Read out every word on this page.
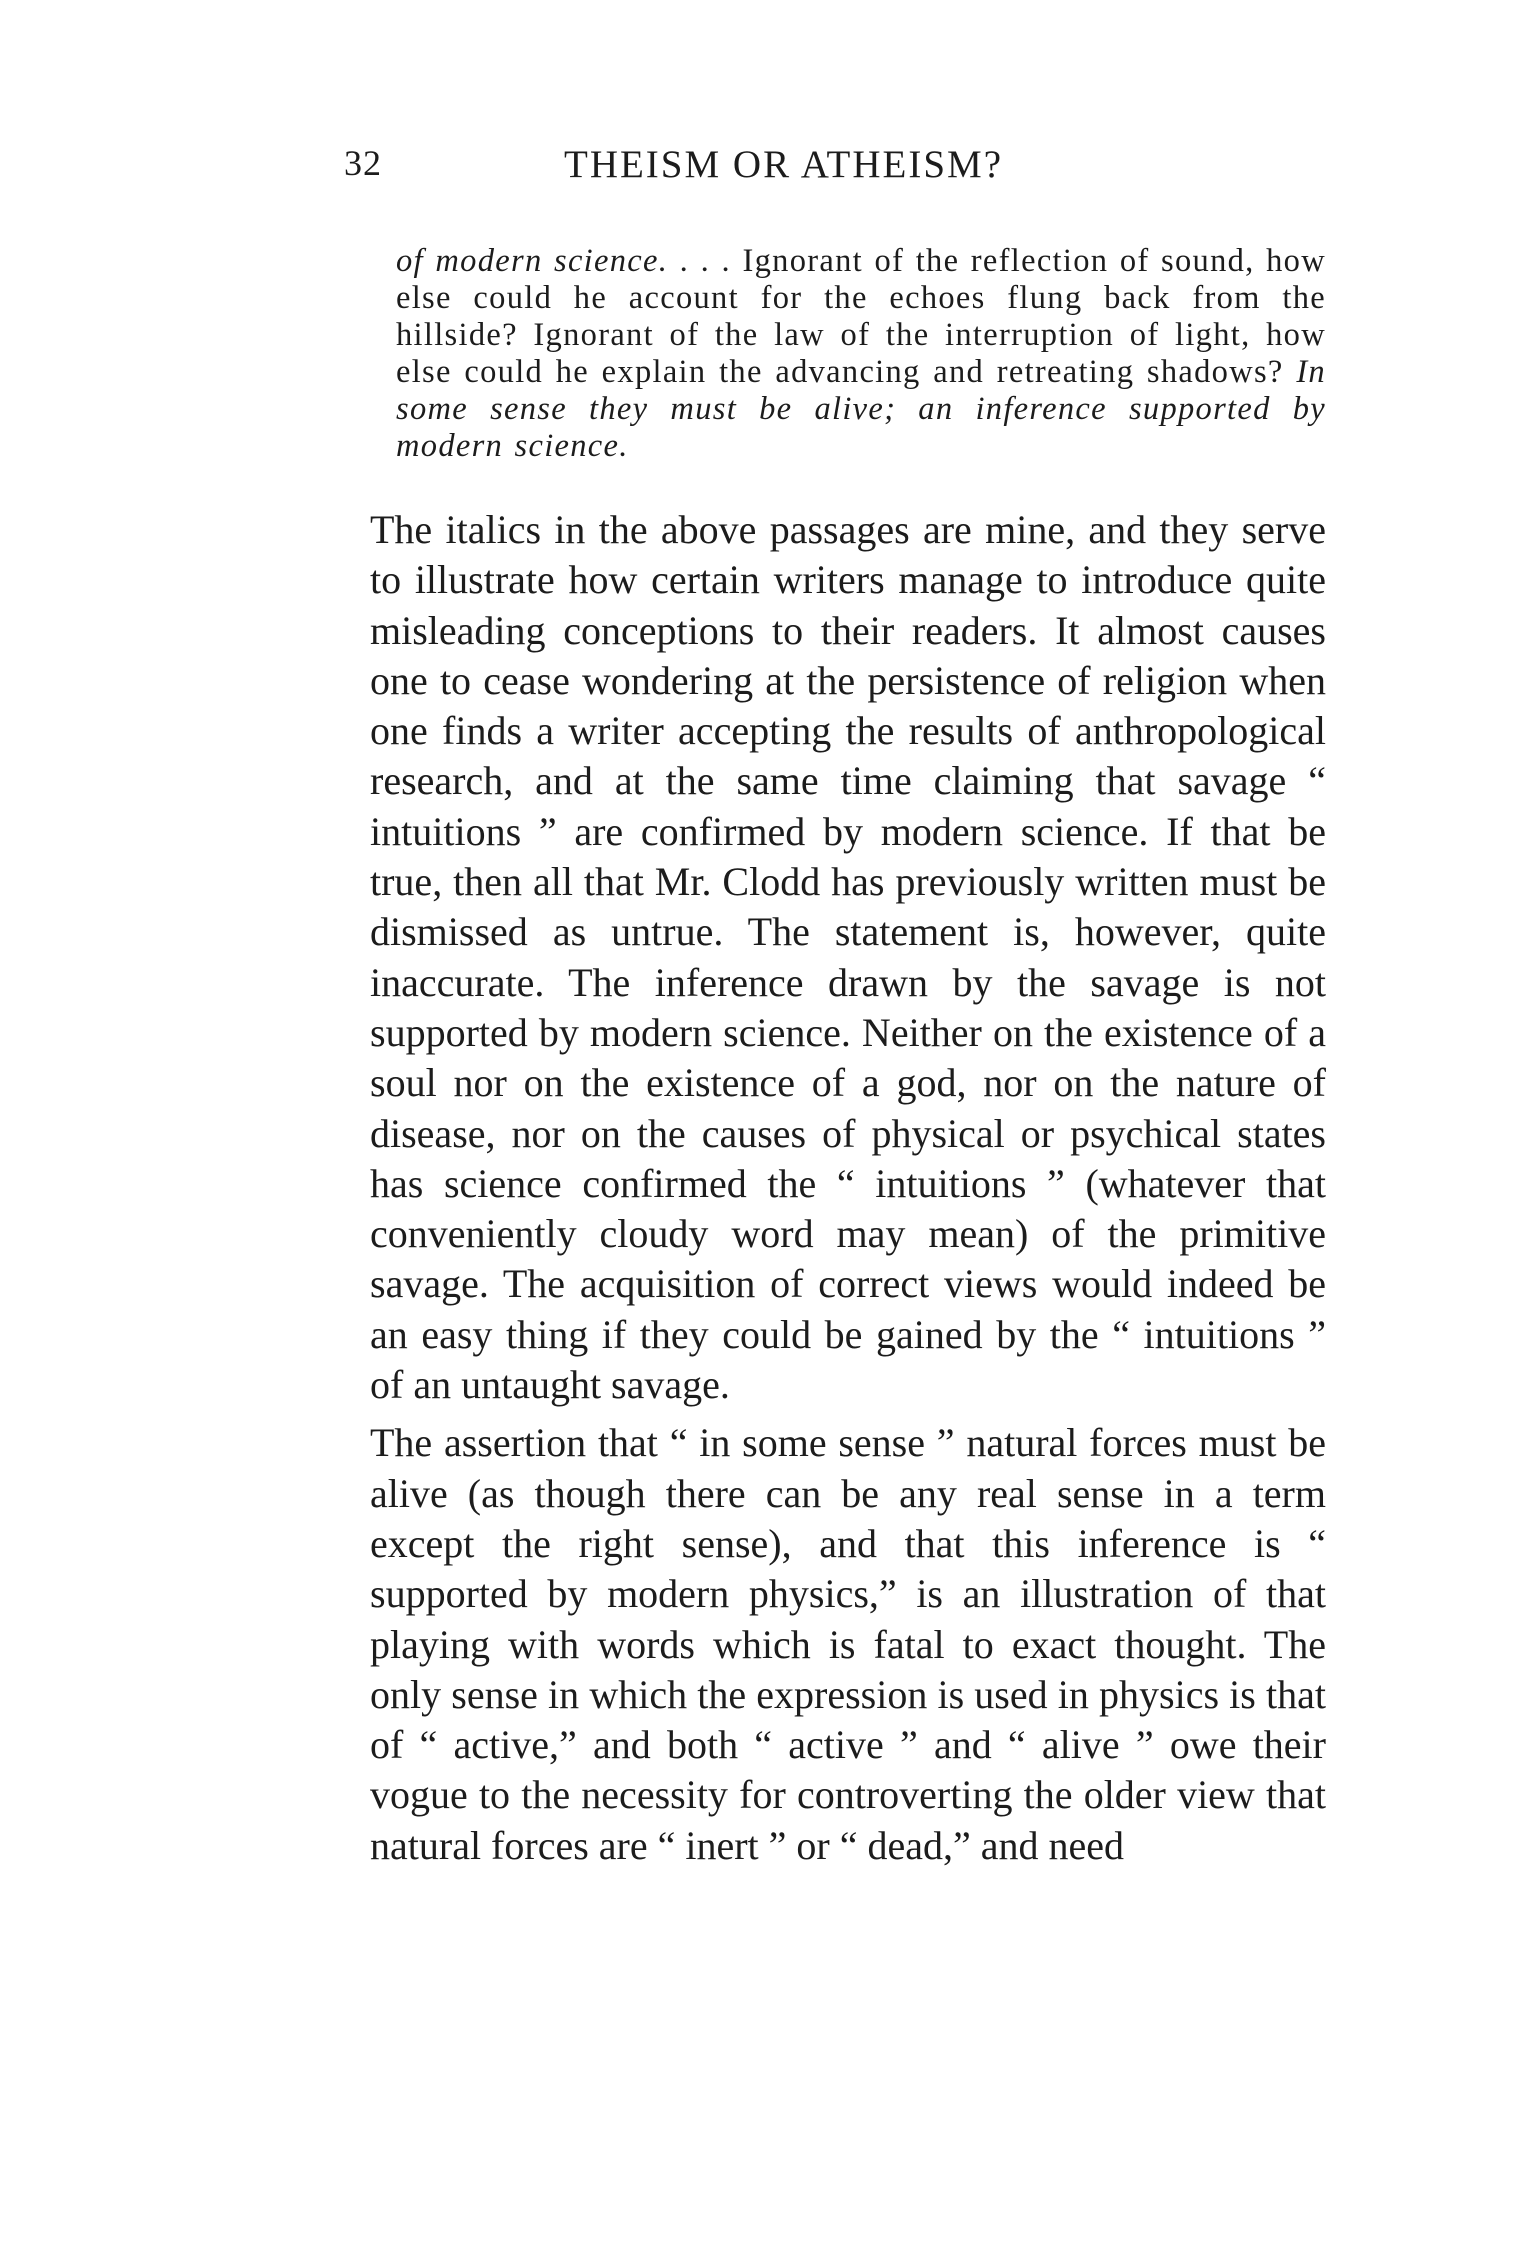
32	THEISM OR ATHEISM?

of modern science. . . . Ignorant of the reflection of sound, how else could he account for the echoes flung back from the hillside? Ignorant of the law of the interruption of light, how else could he explain the advancing and retreating shadows? In some sense they must be alive; an inference supported by modern science.

The italics in the above passages are mine, and they serve to illustrate how certain writers manage to introduce quite misleading conceptions to their readers. It almost causes one to cease wondering at the persistence of religion when one finds a writer accepting the results of anthropological research, and at the same time claiming that savage “ intuitions ” are confirmed by modern science. If that be true, then all that Mr. Clodd has previously written must be dismissed as untrue. The statement is, however, quite inaccurate. The inference drawn by the savage is not supported by modern science. Neither on the existence of a soul nor on the existence of a god, nor on the nature of disease, nor on the causes of physical or psychical states has science confirmed the “ intuitions ” (whatever that conveniently cloudy word may mean) of the primitive savage. The acquisition of correct views would indeed be an easy thing if they could be gained by the “ intuitions ” of an untaught savage.

The assertion that “ in some sense ” natural forces must be alive (as though there can be any real sense in a term except the right sense), and that this inference is “ supported by modern physics,” is an illustration of that playing with words which is fatal to exact thought. The only sense in which the expression is used in physics is that of “ active,” and both “ active ” and “ alive ” owe their vogue to the necessity for controverting the older view that natural forces are “ inert ” or “ dead,” and need
